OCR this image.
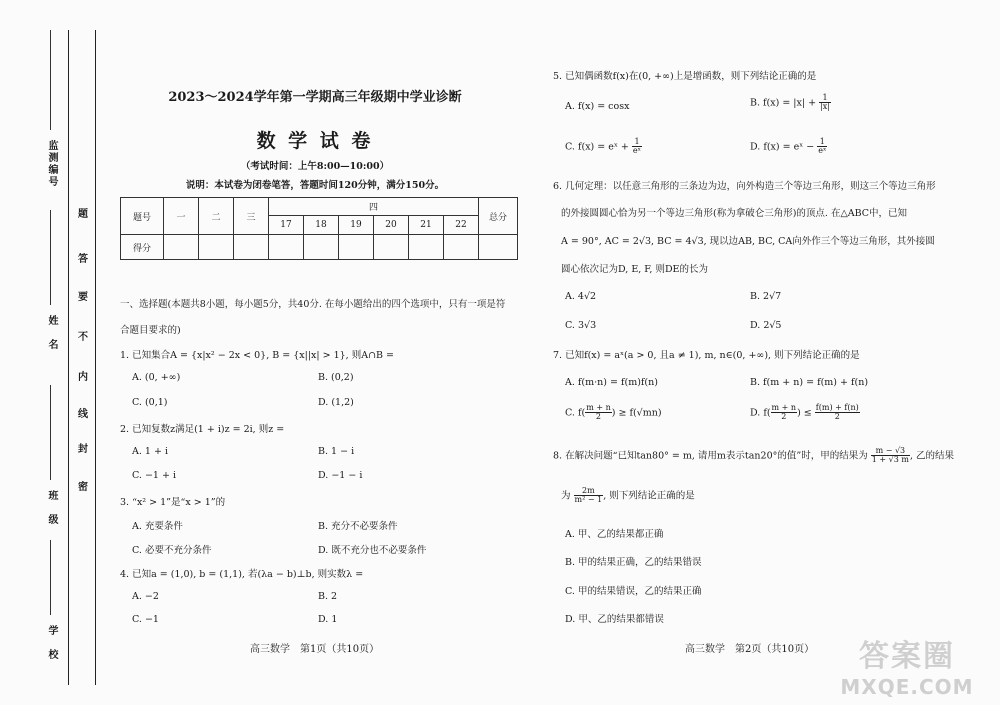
监测编号
姓　名
班　级
学　校
题
答
要
不
内
线
封
密
2023～2024学年第一学期高三年级期中学业诊断
数 学 试 卷
（考试时间：上午8:00—10:00）
说明：本试卷为闭卷笔答，答题时间120分钟，满分150分。
题号	一	二	三	四						总分
				17	18	19	20	21	22	
得分										
一、选择题(本题共8小题，每小题5分，共40分. 在每小题给出的四个选项中，只有一项是符
合题目要求的)
1. 已知集合A = {x|x² − 2x < 0}, B = {x||x| > 1}, 则A∩B =
A. (0, +∞)	B. (0,2)
C. (0,1)	D. (1,2)
2. 已知复数z满足(1 + i)z = 2i, 则z =
A. 1 + i	B. 1 − i
C. −1 + i	D. −1 − i
3. “x² > 1”是“x > 1”的
A. 充要条件	B. 充分不必要条件
C. 必要不充分条件	D. 既不充分也不必要条件
4. 已知a = (1,0), b = (1,1), 若(λa − b)⊥b, 则实数λ =
A. −2	B. 2
C. −1	D. 1
5. 已知偶函数f(x)在(0, +∞)上是增函数，则下列结论正确的是
A. f(x) = cosx	B. $f(x) = |x| + \frac{1}{|x|}$
C. f(x) = eˣ + $\frac{1}{\text{eˣ}}$	D. f(x) = eˣ − $\frac{1}{\text{eˣ}}$
6. 几何定理：以任意三角形的三条边为边，向外构造三个等边三角形，则这三个等边三角形
的外接圆圆心恰为另一个等边三角形(称为拿破仑三角形)的顶点. 在△ABC中，已知
A = 90°, AC = 2√3, BC = 4√3, 现以边AB, BC, CA向外作三个等边三角形，其外接圆
圆心依次记为D, E, F, 则DE的长为
A. 4√2	B. 2√7
C. 3√3	D. 2√5
7. 已知f(x) = aˣ(a > 0, 且a ≠ 1), m, n∈(0, +∞), 则下列结论正确的是
A. f(m·n) = f(m)f(n)	B. f(m + n) = f(m) + f(n)
C. $f( \frac{m + n}{2}$ ) ≥ f(√mn)	D. $f( \frac{m + n}{2}$ ) ≤ $\frac{f(m) + f(n)}{2}$
8. 在解决问题“已知tan80° = m, 请用m表示tan20°的值”时，甲的结果为 $\frac{m - √3}{1 + √3 m}$ , 乙的结果
为 $\frac{2m}{\text{m² − 1}}$ , 则下列结论正确的是
A. 甲、乙的结果都正确
B. 甲的结果正确，乙的结果错误
C. 甲的结果错误，乙的结果正确
D. 甲、乙的结果都错误
高三数学　第1页（共10页）	高三数学　第2页（共10页）	答案圈
MXQE.COM
